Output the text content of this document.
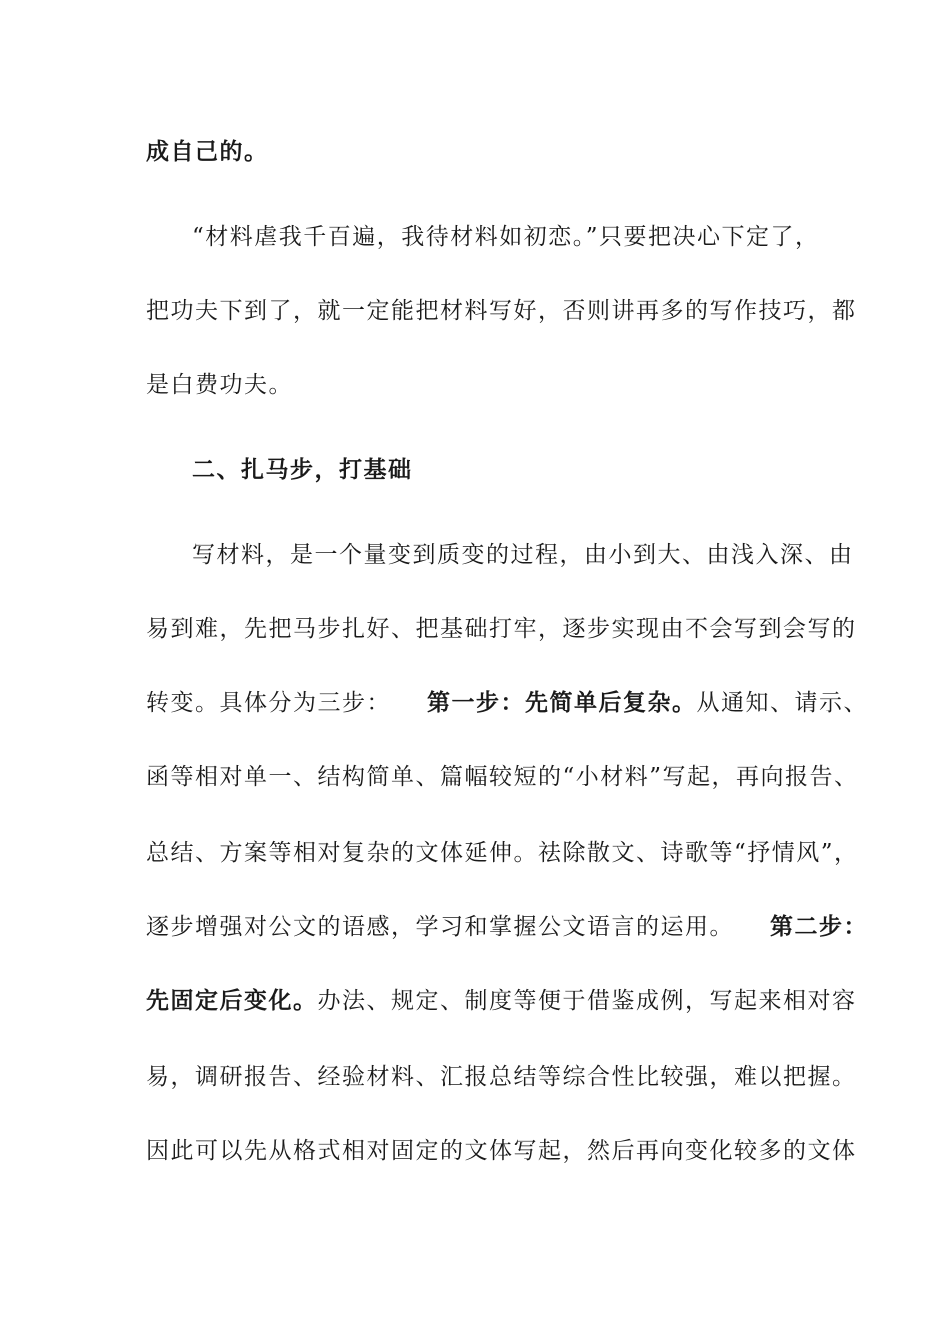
成自己的。
“材料虐我千百遍，我待材料如初恋。”只要把决心下定了，
把功夫下到了，就一定能把材料写好，否则讲再多的写作技巧，都
是白费功夫。
二、扎马步，打基础
写材料，是一个量变到质变的过程，由小到大、由浅入深、由
易到难，先把马步扎好、把基础打牢，逐步实现由不会写到会写的
转变。具体分为三步： 第一步：先简单后复杂。从通知、请示、
函等相对单一、结构简单、篇幅较短的“小材料”写起，再向报告、
总结、方案等相对复杂的文体延伸。祛除散文、诗歌等“抒情风”，
逐步增强对公文的语感，学习和掌握公文语言的运用。 第二步：
先固定后变化。办法、规定、制度等便于借鉴成例，写起来相对容
易，调研报告、经验材料、汇报总结等综合性比较强，难以把握。
因此可以先从格式相对固定的文体写起，然后再向变化较多的文体
